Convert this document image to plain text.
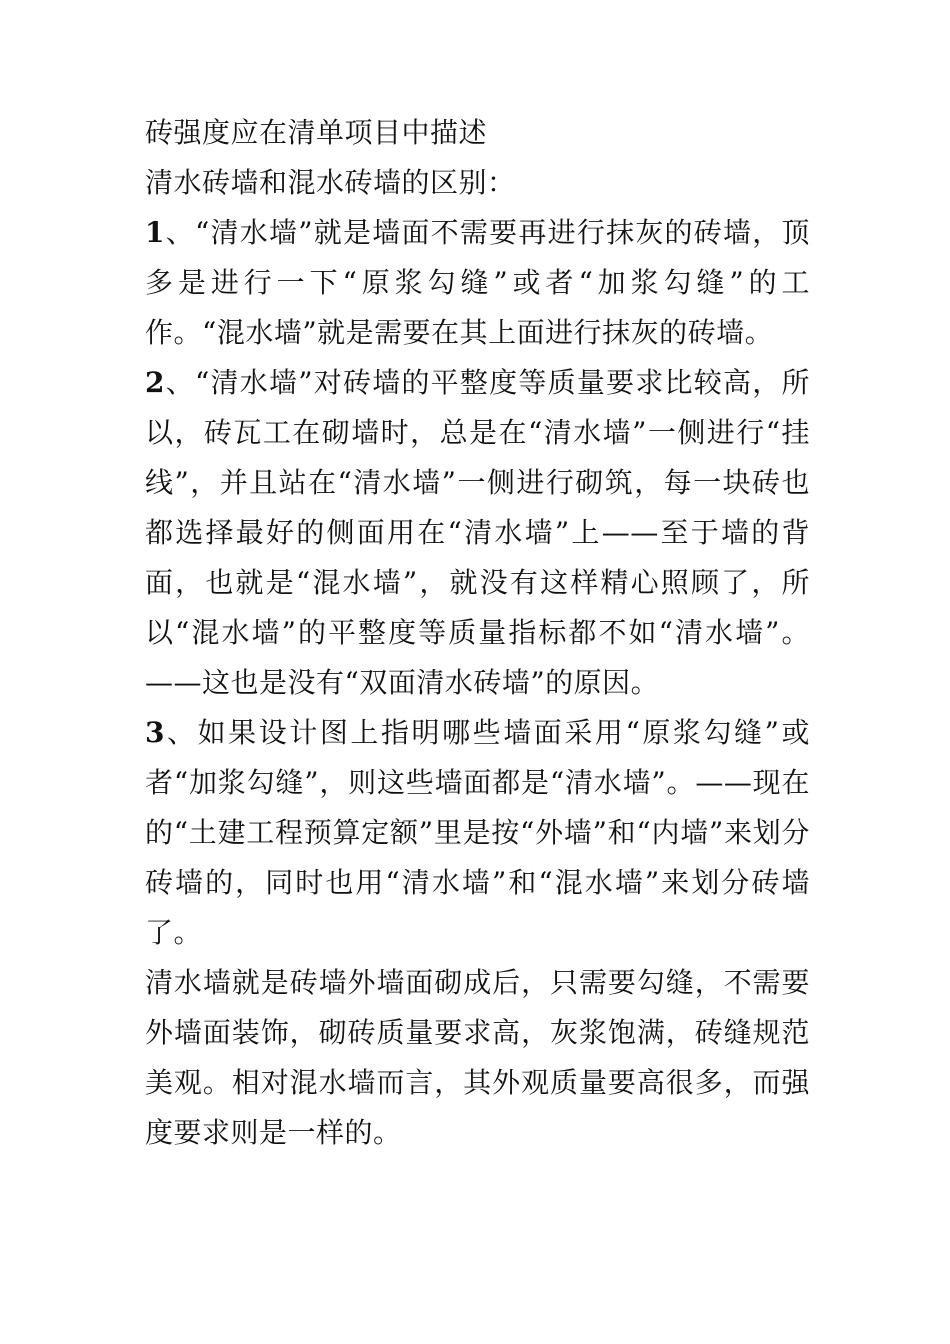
砖强度应在清单项目中描述

清水砖墙和混水砖墙的区别：

1、“清水墙”就是墙面不需要再进行抹灰的砖墙，顶多是进行一下“原浆勾缝”或者“加浆勾缝”的工作。“混水墙”就是需要在其上面进行抹灰的砖墙。

2、“清水墙”对砖墙的平整度等质量要求比较高，所以，砖瓦工在砌墙时，总是在“清水墙”一侧进行“挂线”，并且站在“清水墙”一侧进行砌筑，每一块砖也都选择最好的侧面用在“清水墙”上——至于墙的背面，也就是“混水墙”，就没有这样精心照顾了，所以“混水墙”的平整度等质量指标都不如“清水墙”。——这也是没有“双面清水砖墙”的原因。

3、如果设计图上指明哪些墙面采用“原浆勾缝”或者“加浆勾缝”，则这些墙面都是“清水墙”。——现在的“土建工程预算定额”里是按“外墙”和“内墙”来划分砖墙的，同时也用“清水墙”和“混水墙”来划分砖墙了。

清水墙就是砖墙外墙面砌成后，只需要勾缝，不需要外墙面装饰，砌砖质量要求高，灰浆饱满，砖缝规范美观。相对混水墙而言，其外观质量要高很多，而强度要求则是一样的。
